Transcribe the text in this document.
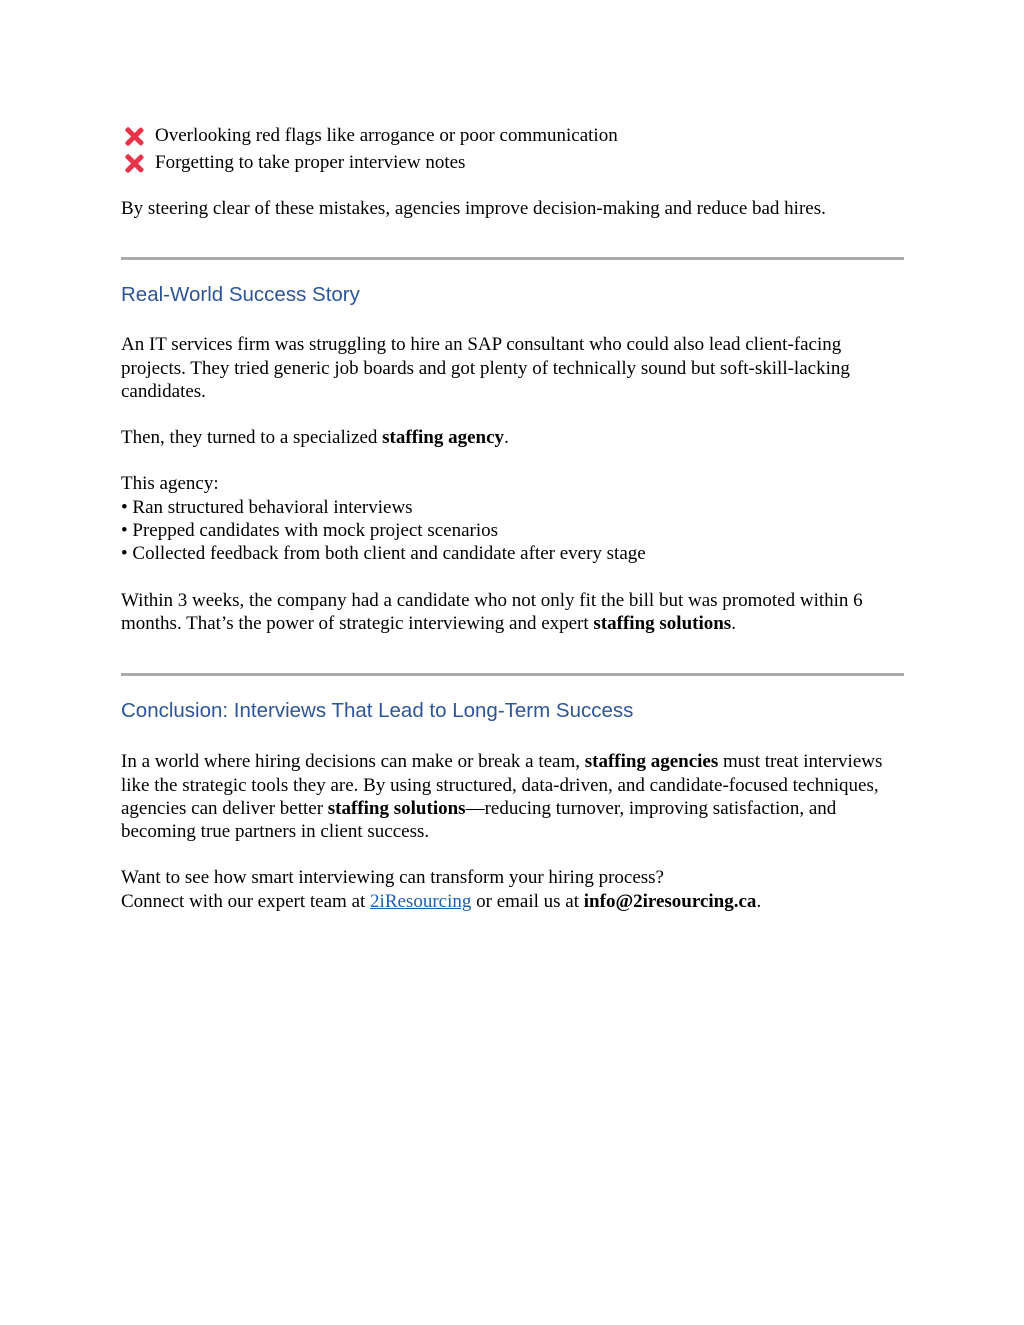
Overlooking red flags like arrogance or poor communication
Forgetting to take proper interview notes

By steering clear of these mistakes, agencies improve decision-making and reduce bad hires.

Real-World Success Story

An IT services firm was struggling to hire an SAP consultant who could also lead client-facing projects. They tried generic job boards and got plenty of technically sound but soft-skill-lacking candidates.

Then, they turned to a specialized staffing agency.

This agency:

• Ran structured behavioral interviews

• Prepped candidates with mock project scenarios

• Collected feedback from both client and candidate after every stage

Within 3 weeks, the company had a candidate who not only fit the bill but was promoted within 6 months. That’s the power of strategic interviewing and expert staffing solutions.

Conclusion: Interviews That Lead to Long-Term Success

In a world where hiring decisions can make or break a team, staffing agencies must treat interviews like the strategic tools they are. By using structured, data-driven, and candidate-focused techniques, agencies can deliver better staffing solutions—reducing turnover, improving satisfaction, and becoming true partners in client success.

Want to see how smart interviewing can transform your hiring process?

Connect with our expert team at 2iResourcing or email us at info@2iresourcing.ca.
